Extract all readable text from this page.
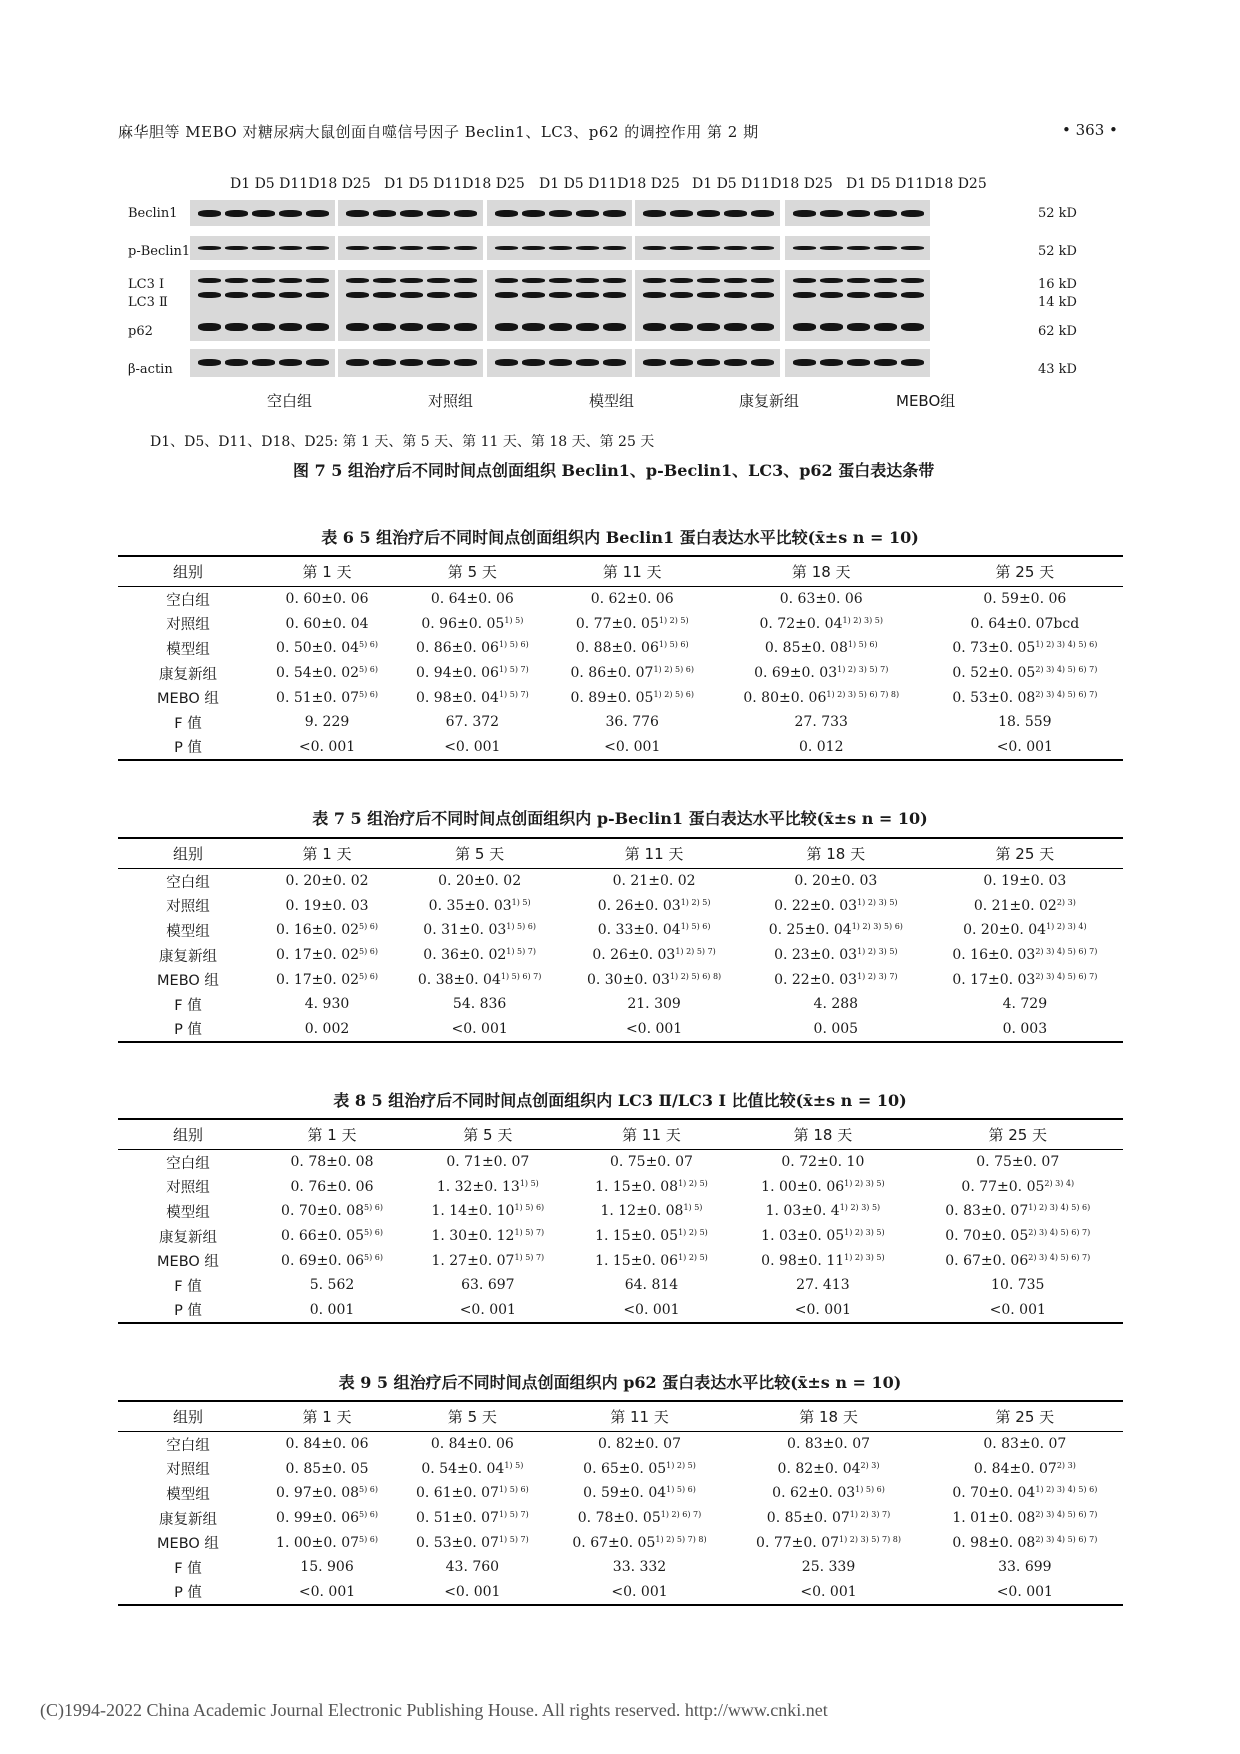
麻华胆等 MEBO 对糖尿病大鼠创面自噬信号因子 Beclin1、LC3、p62 的调控作用 第 2 期	• 363 •
D1 D5 D11D18 D25 D1 D5 D11D18 D25 D1 D5 D11D18 D25 D1 D5 D11D18 D25 D1 D5 D11D18 D25
Beclin1
p-Beclin1
LC3 Ⅰ
LC3 Ⅱ
p62
β-actin
52 kD
52 kD
16 kD
14 kD
62 kD
43 kD
空白组	对照组	模型组	康复新组	MEBO组
D1、D5、D11、D18、D25: 第 1 天、第 5 天、第 11 天、第 18 天、第 25 天
图 7 5 组治疗后不同时间点创面组织 Beclin1、p-Beclin1、LC3、p62 蛋白表达条带
表 6 5 组治疗后不同时间点创面组织内 Beclin1 蛋白表达水平比较(x̄±s n = 10)
组别	第 1 天	第 5 天	第 11 天	第 18 天	第 25 天
空白组	0. 60±0. 06	0. 64±0. 06	0. 62±0. 06	0. 63±0. 06	0. 59±0. 06
对照组	0. 60±0. 04	0. 96±0. $05^{1) 5)}$	0. 77±0. $05^{1) 2) 5)}$	0. 72±0. $04^{1) 2) 3) 5)}$	0. 64±0. 07bcd
模型组	0. 50±0. $04^{5) 6)}$	0. 86±0. $06^{1) 5) 6)}$	0. 88±0. $06^{1) 5) 6)}$	0. 85±0. $08^{1) 5) 6)}$	0. 73±0. $05^{1) 2) 3) 4) 5) 6)}$
康复新组	0. 54±0. $02^{5) 6)}$	0. 94±0. $06^{1) 5) 7)}$	0. 86±0. $07^{1) 2) 5) 6)}$	0. 69±0. $03^{1) 2) 3) 5) 7)}$	0. 52±0. $05^{2) 3) 4) 5) 6) 7)}$
MEBO 组	0. 51±0. $07^{5) 6)}$	0. 98±0. $04^{1) 5) 7)}$	0. 89±0. $05^{1) 2) 5) 6)}$	0. 80±0. $06^{1) 2) 3) 5) 6) 7) 8)}$	0. 53±0. $08^{2) 3) 4) 5) 6) 7)}$
F 值	9. 229	67. 372	36. 776	27. 733	18. 559
P 值	<0. 001	<0. 001	<0. 001	0. 012	<0. 001
表 7 5 组治疗后不同时间点创面组织内 p-Beclin1 蛋白表达水平比较(x̄±s n = 10)
组别	第 1 天	第 5 天	第 11 天	第 18 天	第 25 天
空白组	0. 20±0. 02	0. 20±0. 02	0. 21±0. 02	0. 20±0. 03	0. 19±0. 03
对照组	0. 19±0. 03	0. 35±0. $03^{1) 5)}$	0. 26±0. $03^{1) 2) 5)}$	0. 22±0. $03^{1) 2) 3) 5)}$	0. 21±0. $02^{2) 3)}$
模型组	0. 16±0. $02^{5) 6)}$	0. 31±0. $03^{1) 5) 6)}$	0. 33±0. $04^{1) 5) 6)}$	0. 25±0. $04^{1) 2) 3) 5) 6)}$	0. 20±0. $04^{1) 2) 3) 4)}$
康复新组	0. 17±0. $02^{5) 6)}$	0. 36±0. $02^{1) 5) 7)}$	0. 26±0. $03^{1) 2) 5) 7)}$	0. 23±0. $03^{1) 2) 3) 5)}$	0. 16±0. $03^{2) 3) 4) 5) 6) 7)}$
MEBO 组	0. 17±0. $02^{5) 6)}$	0. 38±0. $04^{1) 5) 6) 7)}$	0. 30±0. $03^{1) 2) 5) 6) 8)}$	0. 22±0. $03^{1) 2) 3) 7)}$	0. 17±0. $03^{2) 3) 4) 5) 6) 7)}$
F 值	4. 930	54. 836	21. 309	4. 288	4. 729
P 值	0. 002	<0. 001	<0. 001	0. 005	0. 003
表 8 5 组治疗后不同时间点创面组织内 LC3 Ⅱ/LC3 Ⅰ 比值比较(x̄±s n = 10)
组别	第 1 天	第 5 天	第 11 天	第 18 天	第 25 天
空白组	0. 78±0. 08	0. 71±0. 07	0. 75±0. 07	0. 72±0. 10	0. 75±0. 07
对照组	0. 76±0. 06	1. 32±0. $13^{1) 5)}$	1. 15±0. $08^{1) 2) 5)}$	1. 00±0. $06^{1) 2) 3) 5)}$	0. 77±0. $05^{2) 3) 4)}$
模型组	0. 70±0. $08^{5) 6)}$	1. 14±0. $10^{1) 5) 6)}$	1. 12±0. $08^{1) 5)}$	1. 03±0. $4^{1) 2) 3) 5)}$	0. 83±0. $07^{1) 2) 3) 4) 5) 6)}$
康复新组	0. 66±0. $05^{5) 6)}$	1. 30±0. $12^{1) 5) 7)}$	1. 15±0. $05^{1) 2) 5)}$	1. 03±0. $05^{1) 2) 3) 5)}$	0. 70±0. $05^{2) 3) 4) 5) 6) 7)}$
MEBO 组	0. 69±0. $06^{5) 6)}$	1. 27±0. $07^{1) 5) 7)}$	1. 15±0. $06^{1) 2) 5)}$	0. 98±0. $11^{1) 2) 3) 5)}$	0. 67±0. $06^{2) 3) 4) 5) 6) 7)}$
F 值	5. 562	63. 697	64. 814	27. 413	10. 735
P 值	0. 001	<0. 001	<0. 001	<0. 001	<0. 001
表 9 5 组治疗后不同时间点创面组织内 p62 蛋白表达水平比较(x̄±s n = 10)
组别	第 1 天	第 5 天	第 11 天	第 18 天	第 25 天
空白组	0. 84±0. 06	0. 84±0. 06	0. 82±0. 07	0. 83±0. 07	0. 83±0. 07
对照组	0. 85±0. 05	0. 54±0. $04^{1) 5)}$	0. 65±0. $05^{1) 2) 5)}$	0. 82±0. $04^{2) 3)}$	0. 84±0. $07^{2) 3)}$
模型组	0. 97±0. $08^{5) 6)}$	0. 61±0. $07^{1) 5) 6)}$	0. 59±0. $04^{1) 5) 6)}$	0. 62±0. $03^{1) 5) 6)}$	0. 70±0. $04^{1) 2) 3) 4) 5) 6)}$
康复新组	0. 99±0. $06^{5) 6)}$	0. 51±0. $07^{1) 5) 7)}$	0. 78±0. $05^{1) 2) 6) 7)}$	0. 85±0. $07^{1) 2) 3) 7)}$	1. 01±0. $08^{2) 3) 4) 5) 6) 7)}$
MEBO 组	1. 00±0. $07^{5) 6)}$	0. 53±0. $07^{1) 5) 7)}$	0. 67±0. $05^{1) 2) 5) 7) 8)}$	0. 77±0. $07^{1) 2) 3) 5) 7) 8)}$	0. 98±0. $08^{2) 3) 4) 5) 6) 7)}$
F 值	15. 906	43. 760	33. 332	25. 339	33. 699
P 值	<0. 001	<0. 001	<0. 001	<0. 001	<0. 001
(C)1994-2022 China Academic Journal Electronic Publishing House. All rights reserved. http://www.cnki.net
